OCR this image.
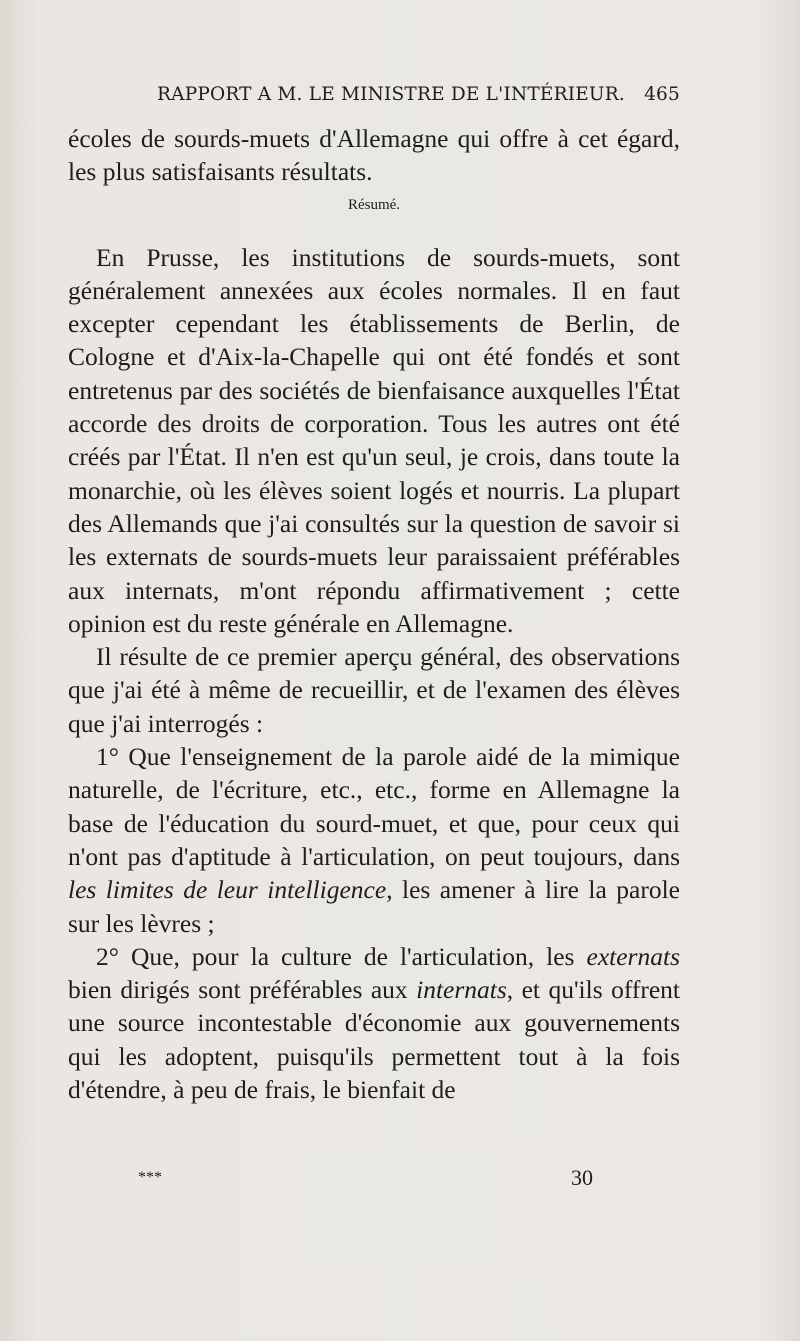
RAPPORT A M. LE MINISTRE DE L'INTÉRIEUR. 465

écoles de sourds-muets d'Allemagne qui offre à cet égard, les plus satisfaisants résultats.

Résumé.

En Prusse, les institutions de sourds-muets, sont généralement annexées aux écoles normales. Il en faut excepter cependant les établissements de Berlin, de Cologne et d'Aix-la-Chapelle qui ont été fondés et sont entretenus par des sociétés de bienfaisance auxquelles l'État accorde des droits de corporation. Tous les autres ont été créés par l'État. Il n'en est qu'un seul, je crois, dans toute la monarchie, où les élèves soient logés et nourris. La plupart des Allemands que j'ai consultés sur la question de savoir si les externats de sourds-muets leur paraissaient préférables aux internats, m'ont répondu affirmativement ; cette opinion est du reste générale en Allemagne.

Il résulte de ce premier aperçu général, des observations que j'ai été à même de recueillir, et de l'examen des élèves que j'ai interrogés :

1° Que l'enseignement de la parole aidé de la mimique naturelle, de l'écriture, etc., etc., forme en Allemagne la base de l'éducation du sourd-muet, et que, pour ceux qui n'ont pas d'aptitude à l'articulation, on peut toujours, dans les limites de leur intelligence, les amener à lire la parole sur les lèvres ;

2° Que, pour la culture de l'articulation, les externats bien dirigés sont préférables aux internats, et qu'ils offrent une source incontestable d'économie aux gouvernements qui les adoptent, puisqu'ils permettent tout à la fois d'étendre, à peu de frais, le bienfait de

***	30
